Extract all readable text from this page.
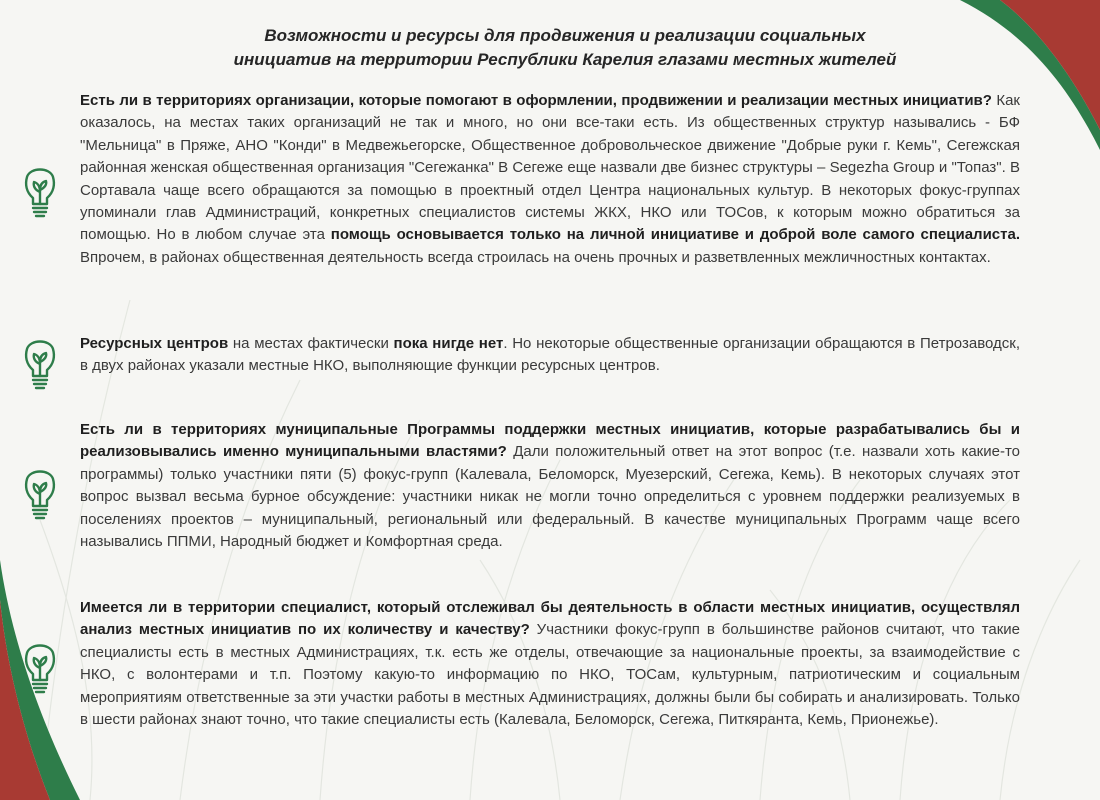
Возможности и ресурсы для продвижения и реализации социальных
инициатив на территории Республики Карелия глазами местных жителей
Есть ли в территориях организации, которые помогают в оформлении, продвижении и реализации местных инициатив? Как оказалось, на местах таких организаций не так и много, но они все-таки есть. Из общественных структур назывались - БФ "Мельница" в Пряже, АНО "Конди" в Медвежьегорске, Общественное добровольческое движение "Добрые руки г. Кемь", Сегежская районная женская общественная организация "Сегежанка" В Сегеже еще назвали две бизнес структуры – Segezha Group и "Топаз". В Сортавала чаще всего обращаются за помощью в проектный отдел Центра национальных культур. В некоторых фокус-группах упоминали глав Администраций, конкретных специалистов системы ЖКХ, НКО или ТОСов, к которым можно обратиться за помощью. Но в любом случае эта помощь основывается только на личной инициативе и доброй воле самого специалиста. Впрочем, в районах общественная деятельность всегда строилась на очень прочных и разветвленных межличностных контактах.
Ресурсных центров на местах фактически пока нигде нет. Но некоторые общественные организации обращаются в Петрозаводск, в двух районах указали местные НКО, выполняющие функции ресурсных центров.
Есть ли в территориях муниципальные Программы поддержки местных инициатив, которые разрабатывались бы и реализовывались именно муниципальными властями? Дали положительный ответ на этот вопрос (т.е. назвали хоть какие-то программы) только участники пяти (5) фокус-групп (Калевала, Беломорск, Муезерский, Сегежа, Кемь). В некоторых случаях этот вопрос вызвал весьма бурное обсуждение: участники никак не могли точно определиться с уровнем поддержки реализуемых в поселениях проектов – муниципальный, региональный или федеральный. В качестве муниципальных Программ чаще всего назывались ППМИ, Народный бюджет и Комфортная среда.
Имеется ли в территории специалист, который отслеживал бы деятельность в области местных инициатив, осуществлял анализ местных инициатив по их количеству и качеству? Участники фокус-групп в большинстве районов считают, что такие специалисты есть в местных Администрациях, т.к. есть же отделы, отвечающие за национальные проекты, за взаимодействие с НКО, с волонтерами и т.п. Поэтому какую-то информацию по НКО, ТОСам, культурным, патриотическим и социальным мероприятиям ответственные за эти участки работы в местных Администрациях, должны были бы собирать и анализировать. Только в шести районах знают точно, что такие специалисты есть (Калевала, Беломорск, Сегежа, Питкяранта, Кемь, Прионежье).
